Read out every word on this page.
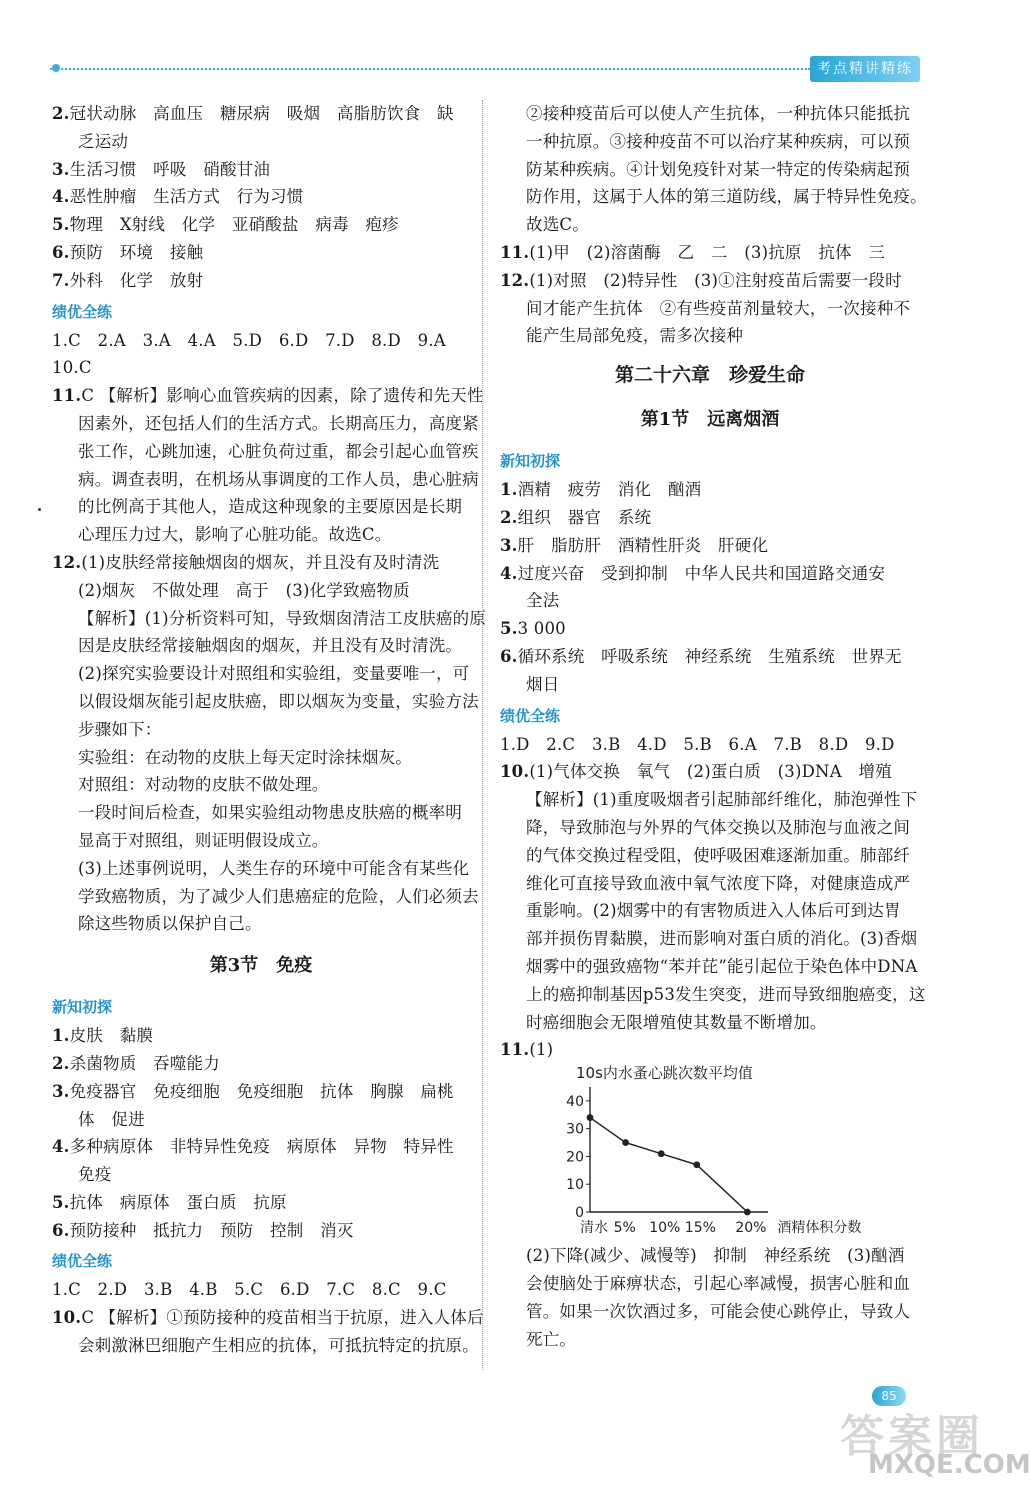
考点精讲精练
2.冠状动脉　高血压　糖尿病　吸烟　高脂肪饮食　缺
乏运动
3.生活习惯　呼吸　硝酸甘油
4.恶性肿瘤　生活方式　行为习惯
5.物理　X射线　化学　亚硝酸盐　病毒　疱疹
6.预防　环境　接触
7.外科　化学　放射
绩优全练
1.C　2.A　3.A　4.A　5.D　6.D　7.D　8.D　9.A
10.C
11.C 【解析】影响心血管疾病的因素，除了遗传和先天性
因素外，还包括人们的生活方式。长期高压力，高度紧
张工作，心跳加速，心脏负荷过重，都会引起心血管疾
病。调查表明，在机场从事调度的工作人员，患心脏病
的比例高于其他人，造成这种现象的主要原因是长期
心理压力过大，影响了心脏功能。故选C。
12.(1)皮肤经常接触烟囱的烟灰，并且没有及时清洗
(2)烟灰　不做处理　高于　(3)化学致癌物质
【解析】(1)分析资料可知，导致烟囱清洁工皮肤癌的原
因是皮肤经常接触烟囱的烟灰，并且没有及时清洗。
(2)探究实验要设计对照组和实验组，变量要唯一，可
以假设烟灰能引起皮肤癌，即以烟灰为变量，实验方法
步骤如下：
实验组：在动物的皮肤上每天定时涂抹烟灰。
对照组：对动物的皮肤不做处理。
一段时间后检查，如果实验组动物患皮肤癌的概率明
显高于对照组，则证明假设成立。
(3)上述事例说明，人类生存的环境中可能含有某些化
学致癌物质，为了减少人们患癌症的危险，人们必须去
除这些物质以保护自己。
第3节　免疫
新知初探
1.皮肤　黏膜
2.杀菌物质　吞噬能力
3.免疫器官　免疫细胞　免疫细胞　抗体　胸腺　扁桃
体　促进
4.多种病原体　非特异性免疫　病原体　异物　特异性
免疫
5.抗体　病原体　蛋白质　抗原
6.预防接种　抵抗力　预防　控制　消灭
绩优全练
1.C　2.D　3.B　4.B　5.C　6.D　7.C　8.C　9.C
10.C 【解析】①预防接种的疫苗相当于抗原，进入人体后
会刺激淋巴细胞产生相应的抗体，可抵抗特定的抗原。
②接种疫苗后可以使人产生抗体，一种抗体只能抵抗
一种抗原。③接种疫苗不可以治疗某种疾病，可以预
防某种疾病。④计划免疫针对某一特定的传染病起预
防作用，这属于人体的第三道防线，属于特异性免疫。
故选C。
11.(1)甲　(2)溶菌酶　乙　二　(3)抗原　抗体　三
12.(1)对照　(2)特异性　(3)①注射疫苗后需要一段时
间才能产生抗体　②有些疫苗剂量较大，一次接种不
能产生局部免疫，需多次接种
第二十六章　珍爱生命
第1节　远离烟酒
新知初探
1.酒精　疲劳　消化　酗酒
2.组织　器官　系统
3.肝　脂肪肝　酒精性肝炎　肝硬化
4.过度兴奋　受到抑制　中华人民共和国道路交通安
全法
5.3 000
6.循环系统　呼吸系统　神经系统　生殖系统　世界无
烟日
绩优全练
1.D　2.C　3.B　4.D　5.B　6.A　7.B　8.D　9.D
10.(1)气体交换　氧气　(2)蛋白质　(3)DNA　增殖
【解析】(1)重度吸烟者引起肺部纤维化，肺泡弹性下
降，导致肺泡与外界的气体交换以及肺泡与血液之间
的气体交换过程受阻，使呼吸困难逐渐加重。肺部纤
维化可直接导致血液中氧气浓度下降，对健康造成严
重影响。(2)烟雾中的有害物质进入人体后可到达胃
部并损伤胃黏膜，进而影响对蛋白质的消化。(3)香烟
烟雾中的强致癌物“苯并芘”能引起位于染色体中DNA
上的癌抑制基因p53发生突变，进而导致细胞癌变，这
时癌细胞会无限增殖使其数量不断增加。
11.(1)
10s内水蚤心跳次数平均值
40
30
20
10
0
清水 5% 10% 15% 20% 酒精体积分数
(2)下降(减少、减慢等)　抑制　神经系统　(3)酗酒
会使脑处于麻痹状态，引起心率减慢，损害心脏和血
管。如果一次饮酒过多，可能会使心跳停止，导致人
死亡。
85
答案圈
MXQE.COM
